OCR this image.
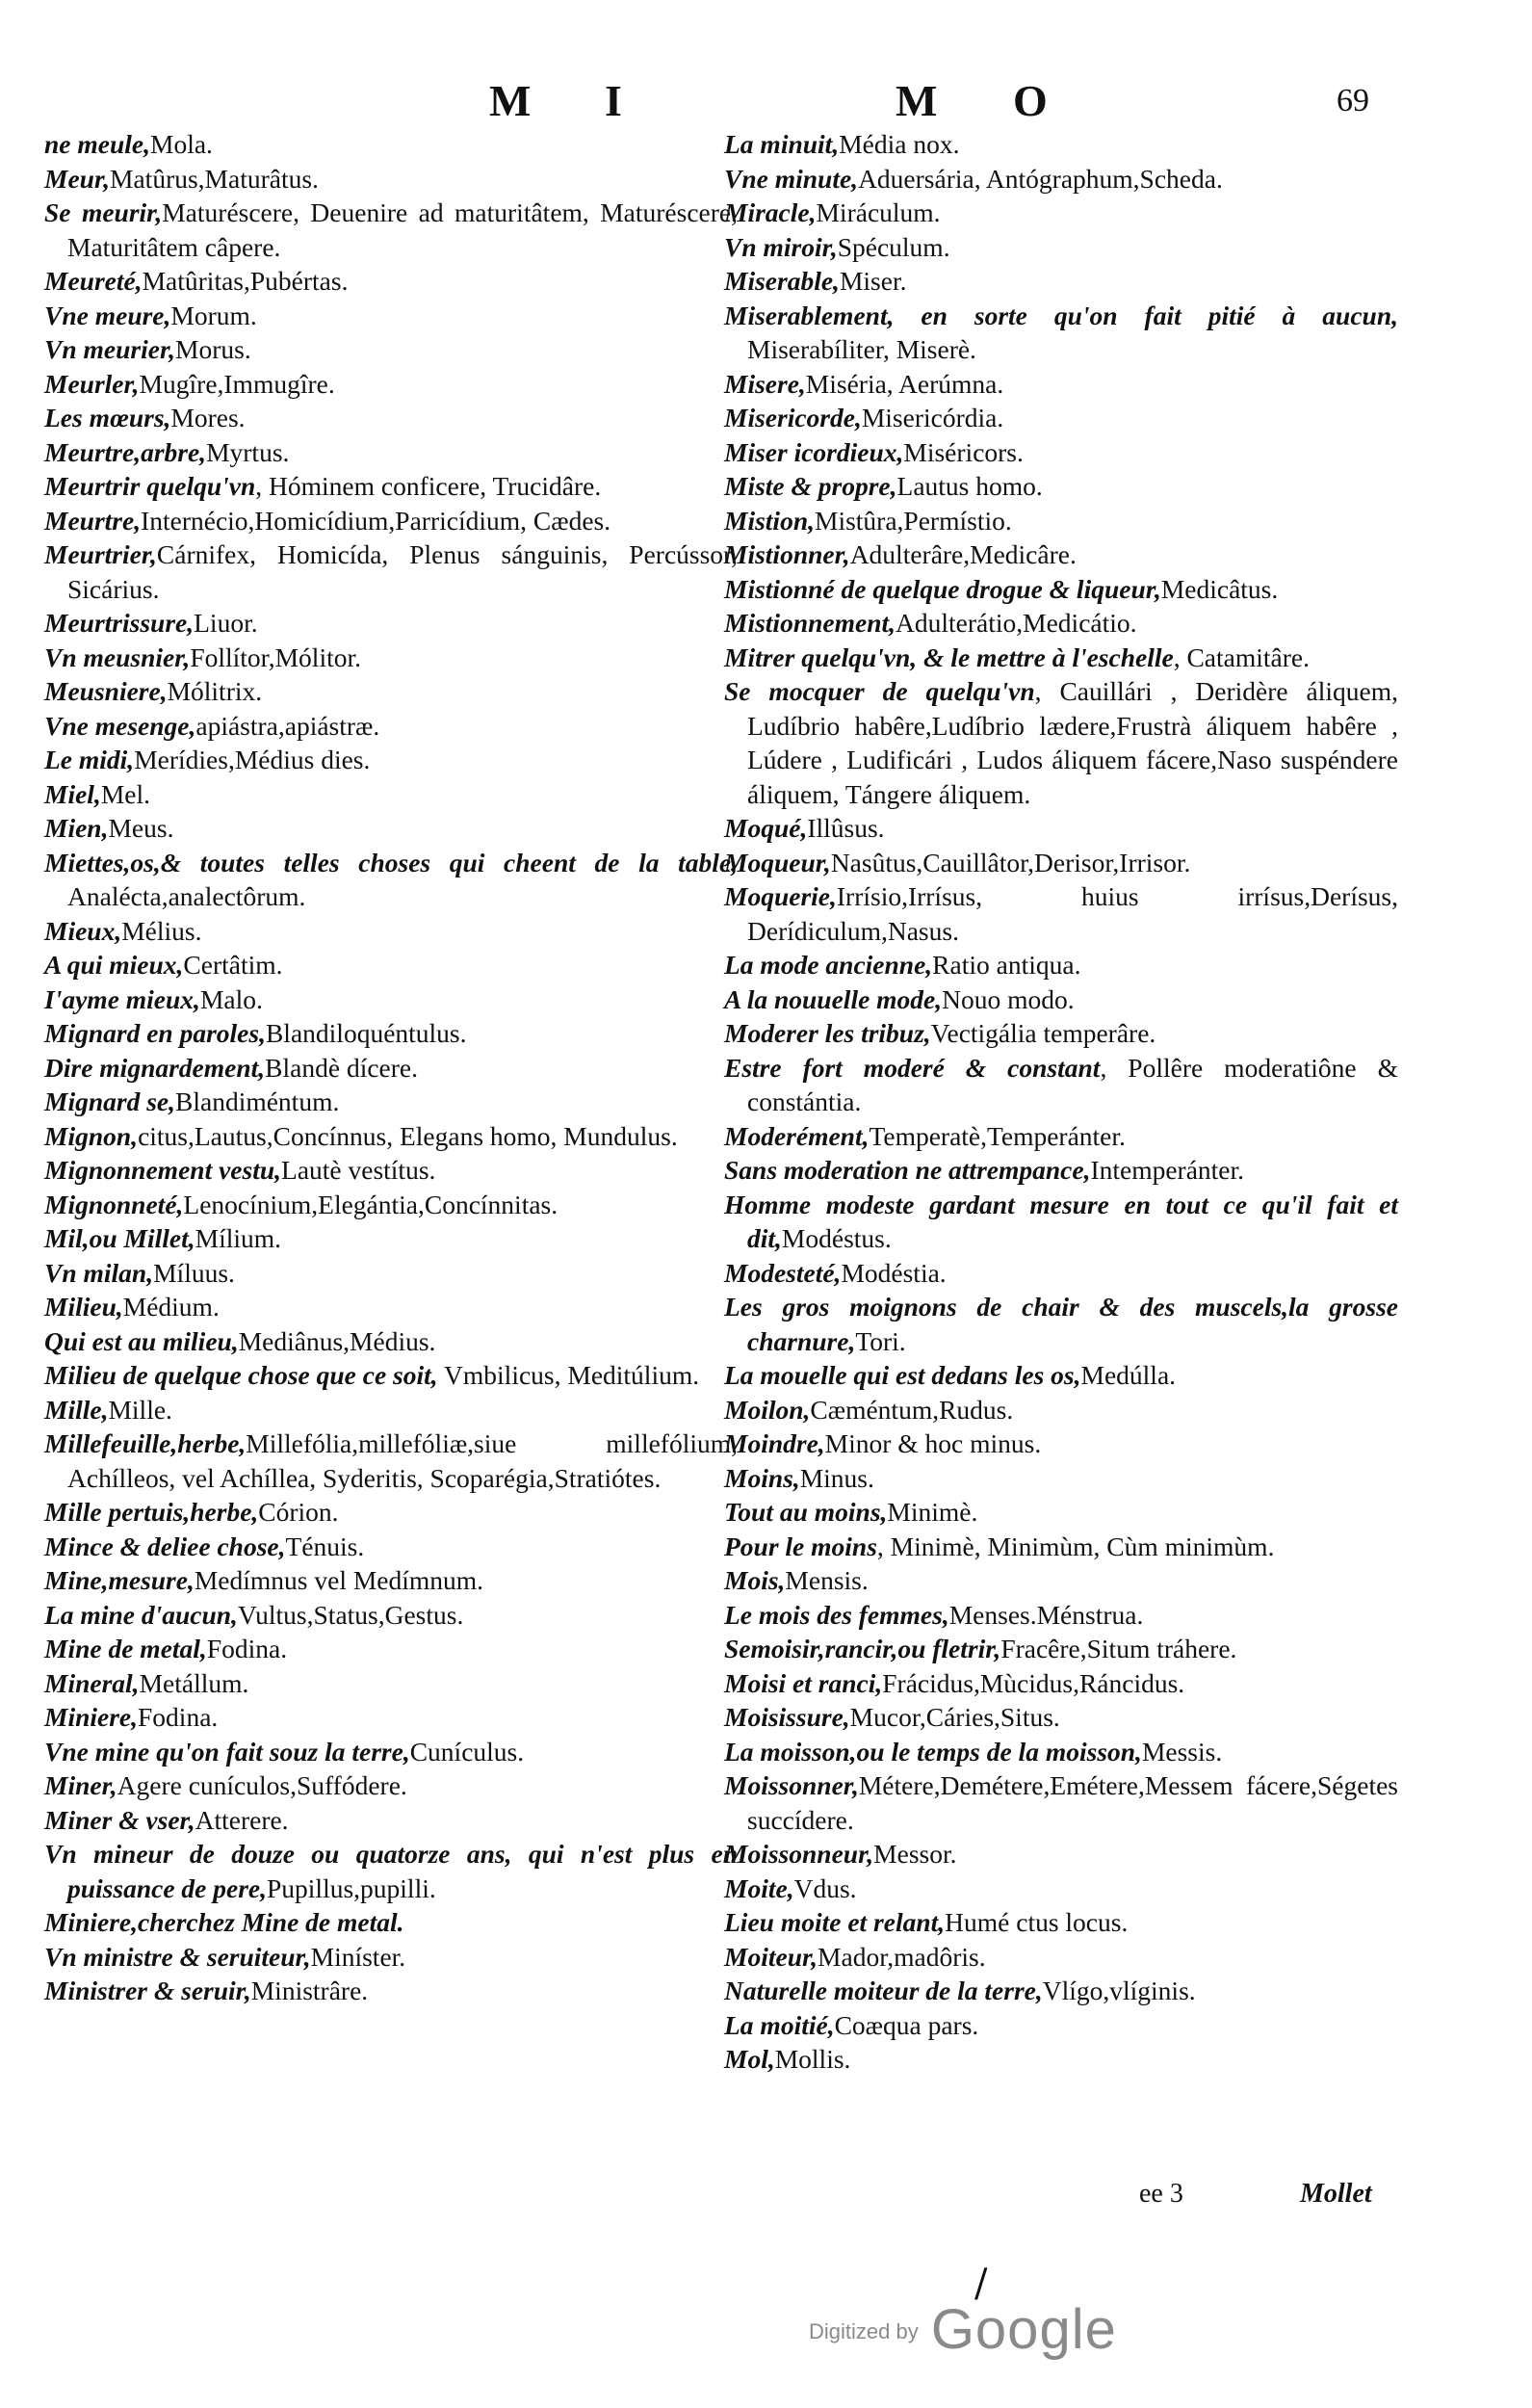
M I	M O	69
ne meule,Mola.
Meur,Matûrus,Maturâtus.
Se meurir,Maturéscere, Deuenire ad maturitâtem, Maturéscere, Maturitâtem câpere.
Meureté,Matûritas,Pubértas.
Vne meure,Morum.
Vn meurier,Morus.
Meurler,Mugîre,Immugîre.
Les mœurs,Mores.
Meurtre,arbre,Myrtus.
Meurtrir quelqu'vn, Hóminem conficere, Trucidâre.
Meurtre,Internécio,Homicídium,Parricídium, Cædes.
Meurtrier,Cárnifex, Homicída, Plenus sánguinis, Percússor, Sicárius.
Meurtrissure,Liuor.
Vn meusnier,Follítor,Mólitor.
Meusniere,Mólitrix.
Vne mesenge,apiástra,apiástræ.
Le midi,Merídies,Médius dies.
Miel,Mel.
Mien,Meus.
Miettes,os,& toutes telles choses qui cheent de la table, Analécta,analectôrum.
Mieux,Mélius.
A qui mieux,Certâtim.
I'ayme mieux,Malo.
Mignard en paroles,Blandiloquéntulus.
Dire mignardement,Blandè dícere.
Mignard se,Blandiméntum.
Mignon,citus,Lautus,Concínnus, Elegans homo, Mundulus.
Mignonnement vestu,Lautè vestítus.
Mignonneté,Lenocínium,Elegántia,Concínnitas.
Mil,ou Millet,Mílium.
Vn milan,Míluus.
Milieu,Médium.
Qui est au milieu,Mediânus,Médius.
Milieu de quelque chose que ce soit, Vmbilicus, Meditúlium.
Mille,Mille.
Millefeuille,herbe,Millefólia,millefóliæ,siue millefólium, Achílleos, vel Achíllea, Syderitis, Scoparégia,Stratiótes.
Mille pertuis,herbe,Córion.
Mince & deliee chose,Ténuis.
Mine,mesure,Medímnus vel Medímnum.
La mine d'aucun,Vultus,Status,Gestus.
Mine de metal,Fodina.
Mineral,Metállum.
Miniere,Fodina.
Vne mine qu'on fait souz la terre,Cunículus.
Miner,Agere cunículos,Suffódere.
Miner & vser,Atterere.
Vn mineur de douze ou quatorze ans, qui n'est plus en puissance de pere,Pupillus,pupilli.
Miniere,cherchez Mine de metal.
Vn ministre & seruiteur,Miníster.
Ministrer & seruir,Ministrâre.
La minuit,Média nox.
Vne minute,Aduersária, Antógraphum,Scheda.
Miracle,Miráculum.
Vn miroir,Spéculum.
Miserable,Miser.
Miserablement, en sorte qu'on fait pitié à aucun, Miserabíliter, Miserè.
Misere,Miséria, Aerúmna.
Misericorde,Misericórdia.
Miser icordieux,Miséricors.
Miste & propre,Lautus homo.
Mistion,Mistûra,Permístio.
Mistionner,Adulterâre,Medicâre.
Mistionné de quelque drogue & liqueur,Medicâtus.
Mistionnement,Adulterátio,Medicátio.
Mitrer quelqu'vn, & le mettre à l'eschelle, Catamitâre.
Se mocquer de quelqu'vn, Cauillári , Deridère áliquem, Ludíbrio habêre,Ludíbrio lædere,Frustrà áliquem habêre , Lúdere , Ludificári , Ludos áliquem fácere,Naso suspéndere áliquem, Tángere áliquem.
Moqué,Illûsus.
Moqueur,Nasûtus,Cauillâtor,Derisor,Irrisor.
Moquerie,Irrísio,Irrísus, huius irrísus,Derísus, Derídiculum,Nasus.
La mode ancienne,Ratio antiqua.
A la nouuelle mode,Nouo modo.
Moderer les tribuz,Vectigália temperâre.
Estre fort moderé & constant, Pollêre moderatiône & constántia.
Moderément,Temperatè,Temperánter.
Sans moderation ne attrempance,Intemperánter.
Homme modeste gardant mesure en tout ce qu'il fait et dit,Modéstus.
Modesteté,Modéstia.
Les gros moignons de chair & des muscels,la grosse charnure,Tori.
La mouelle qui est dedans les os,Medúlla.
Moilon,Cæméntum,Rudus.
Moindre,Minor & hoc minus.
Moins,Minus.
Tout au moins,Minimè.
Pour le moins, Minimè, Minimùm, Cùm minimùm.
Mois,Mensis.
Le mois des femmes,Menses.Ménstrua.
Semoisir,rancir,ou fletrir,Fracêre,Situm tráhere.
Moisi et ranci,Frácidus,Mùcidus,Ráncidus.
Moisissure,Mucor,Cáries,Situs.
La moisson,ou le temps de la moisson,Messis.
Moissonner,Métere,Demétere,Emétere,Messem fácere,Ségetes succídere.
Moissonneur,Messor.
Moite,Vdus.
Lieu moite et relant,Humé ctus locus.
Moiteur,Mador,madôris.
Naturelle moiteur de la terre,Vlígo,vlíginis.
La moitié,Coæqua pars.
Mol,Mollis.
ee 3	Mollet
/
Digitized by Google
